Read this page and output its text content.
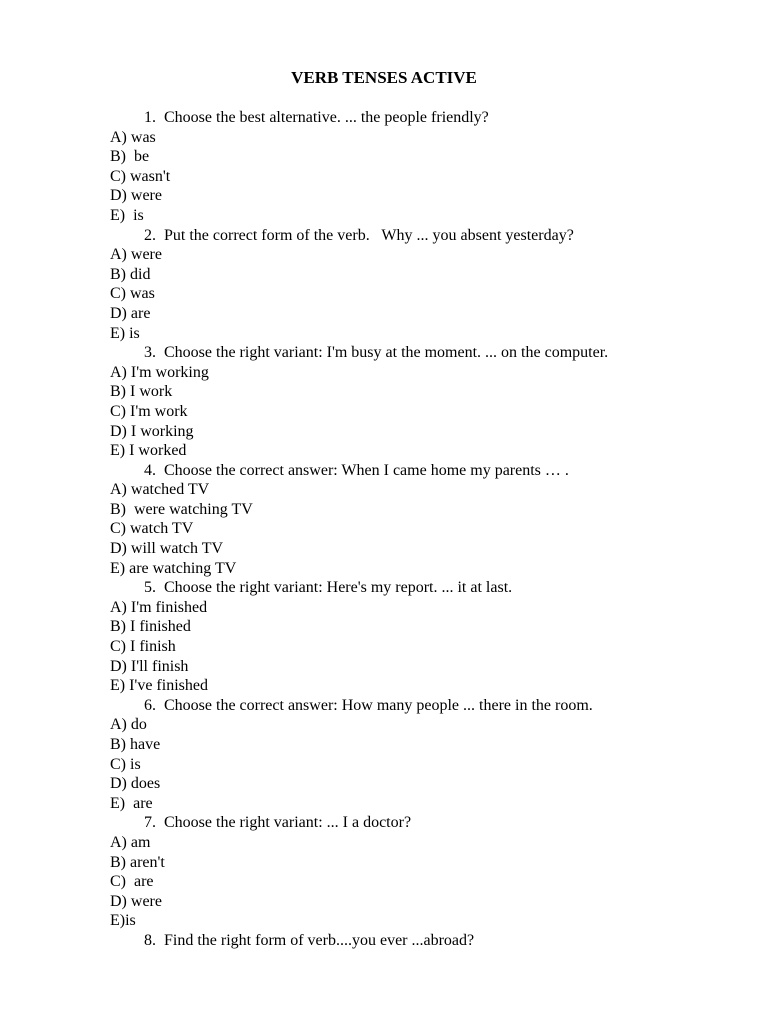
VERB TENSES ACTIVE
1. Choose the best alternative. ... the people friendly?
A) was
B)  be
C) wasn't
D) were
E)  is
2. Put the correct form of the verb.   Why ... you absent yesterday?
A) were
B) did
C) was
D) are
E) is
3. Choose the right variant: I'm busy at the moment. ... on the computer.
A) I'm working
B) I work
C) I'm work
D) I working
E) I worked
4. Choose the correct answer: When I came home my parents … .
A) watched TV
B)  were watching TV
C) watch TV
D) will watch TV
E) are watching TV
5. Choose the right variant: Here's my report. ... it at last.
A) I'm finished
B) I finished
C) I finish
D) I'll finish
E) I've finished
6. Choose the correct answer: How many people ... there in the room.
A) do
B) have
C) is
D) does
E)  are
7. Choose the right variant: ... I a doctor?
A) am
B) aren't
C)  are
D) were
E)is
8. Find the right form of verb....you ever ...abroad?
